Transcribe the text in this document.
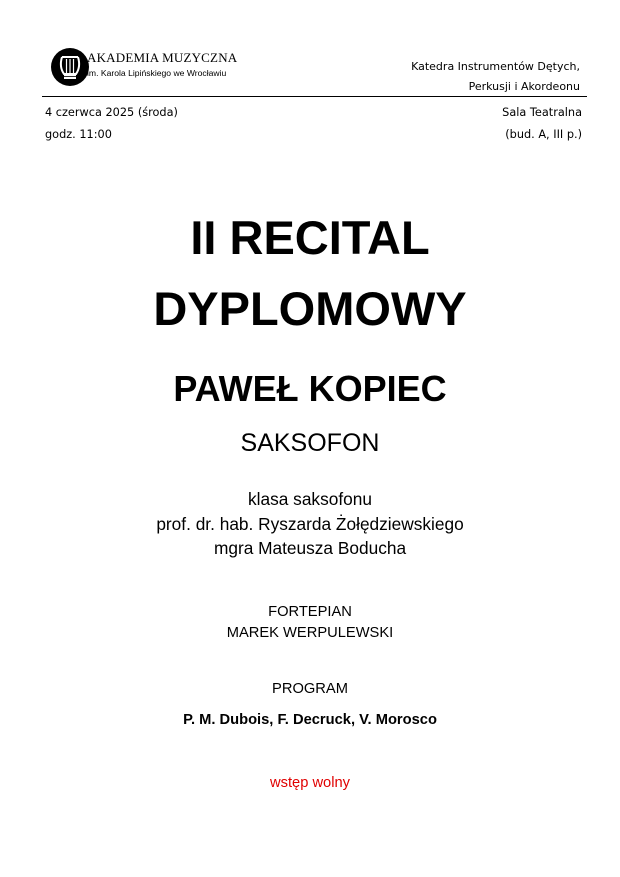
AKADEMIA MUZYCZNA
im. Karola Lipińskiego we Wrocławiu	Katedra Instrumentów Dętych,
Perkusji i Akordeonu
4 czerwca 2025 (środa)
godz. 11:00
Sala Teatralna
(bud. A, III p.)
II RECITAL
DYPLOMOWY
PAWEŁ KOPIEC
SAKSOFON
klasa saksofonu
prof. dr. hab. Ryszarda Żołędziewskiego
mgra Mateusza Boducha
FORTEPIAN
MAREK WERPULEWSKI
PROGRAM
P. M. Dubois, F. Decruck, V. Morosco
wstęp wolny
